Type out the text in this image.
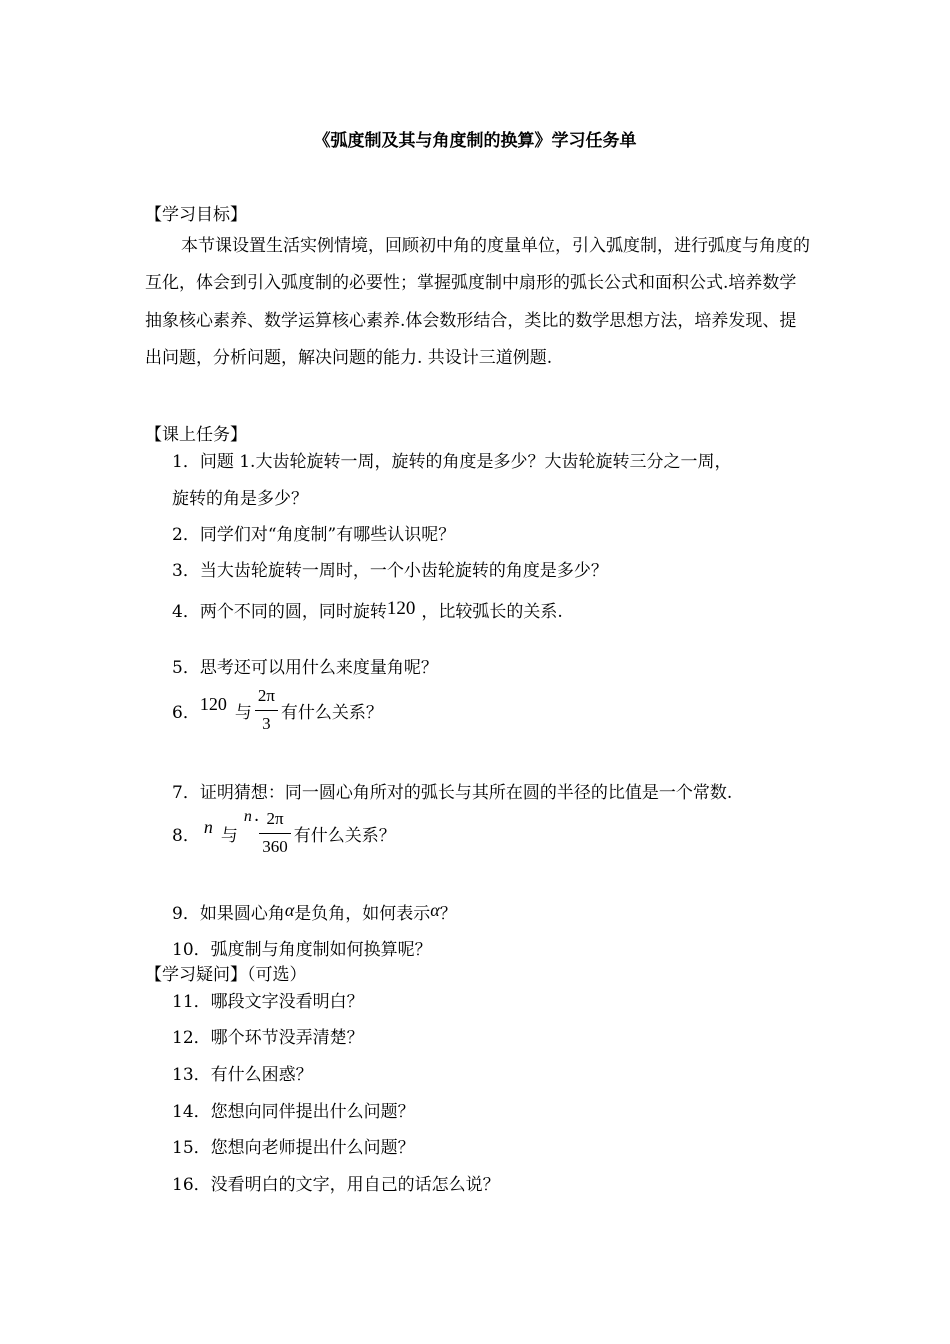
《弧度制及其与角度制的换算》学习任务单
【学习目标】
本节课设置生活实例情境，回顾初中角的度量单位，引入弧度制，进行弧度与角度的互化，体会到引入弧度制的必要性；掌握弧度制中扇形的弧长公式和面积公式.培养数学抽象核心素养、数学运算核心素养.体会数形结合，类比的数学思想方法，培养发现、提出问题，分析问题，解决问题的能力. 共设计三道例题.
【课上任务】
1．问题 1.大齿轮旋转一周，旋转的角度是多少？大齿轮旋转三分之一周，
旋转的角是多少？
2．同学们对“角度制”有哪些认识呢？
3．当大齿轮旋转一周时，一个小齿轮旋转的角度是多少？
4．两个不同的圆，同时旋转120 ，比较弧长的关系.
5．思考还可以用什么来度量角呢？
6．120 与 $\frac{2\pi}{3}$ 有什么关系？
7．证明猜想：同一圆心角所对的弧长与其所在圆的半径的比值是一个常数.
8． n 与$n \cdot \frac{2\pi}{360}$ 有什么关系？
9．如果圆心角α是负角，如何表示α？
10．弧度制与角度制如何换算呢？
【学习疑问】（可选）
11．哪段文字没看明白？
12．哪个环节没弄清楚？
13．有什么困惑？
14．您想向同伴提出什么问题？
15．您想向老师提出什么问题？
16．没看明白的文字，用自己的话怎么说？
